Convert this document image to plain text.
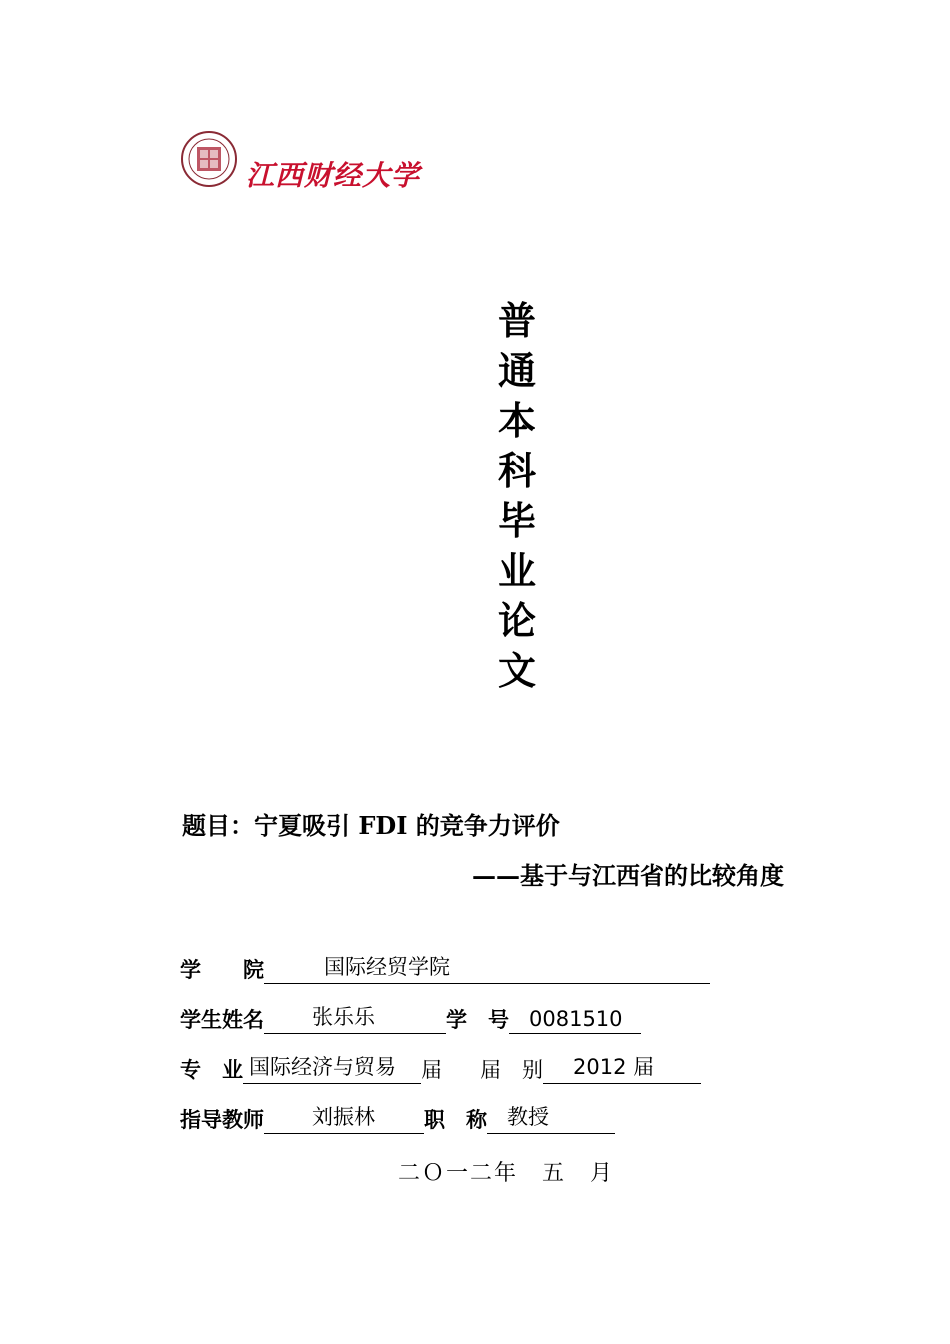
江西财经大学
普
通
本
科
毕
业
论
文
题目：宁夏吸引 FDI 的竞争力评价
——基于与江西省的比较角度
学　　院	国际经贸学院
学生姓名 张乐乐	学　号 0081510
专　业 国际经济与贸易 届 届　别 2012 届
指导教师 刘振林 职　称 教授
二Ｏ一二年　五　月
